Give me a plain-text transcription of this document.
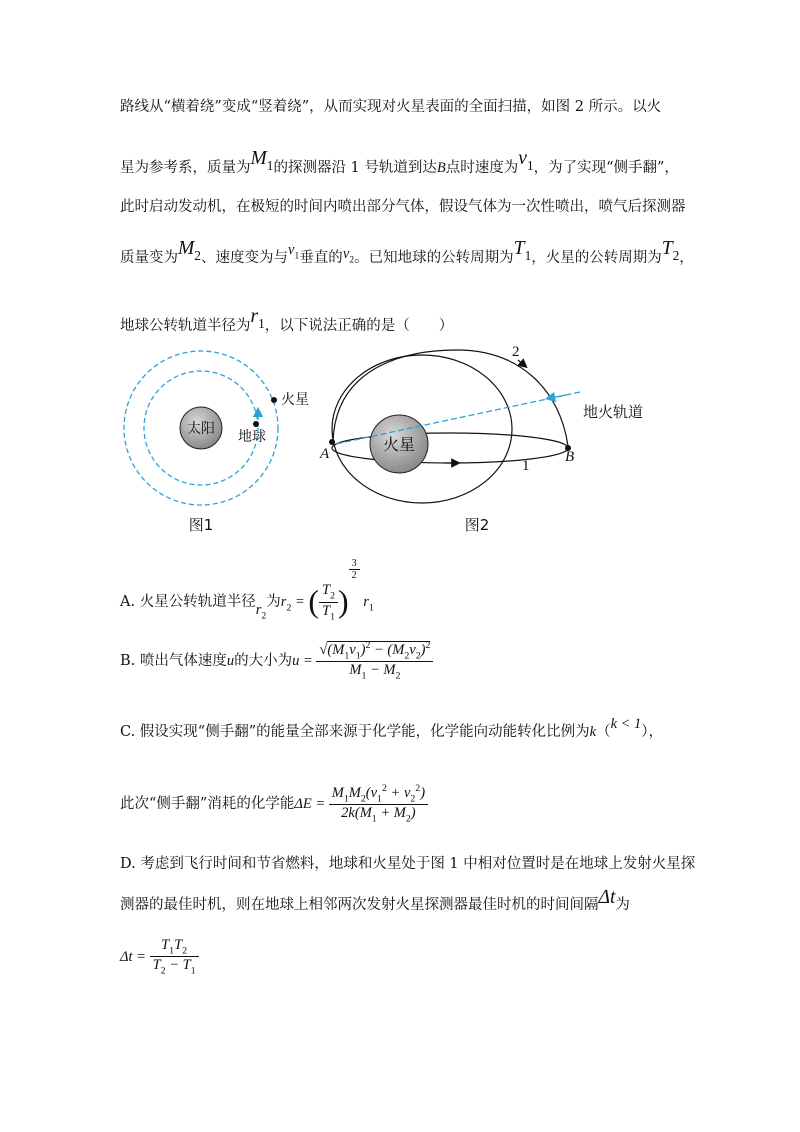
路线从“横着绕”变成“竖着绕”，从而实现对火星表面的全面扫描，如图 2 所示。以火
星为参考系，质量为$M_1$的探测器沿 1 号轨道到达B点时速度为$v_1$，为了实现“侧手翻”，
此时启动发动机，在极短的时间内喷出部分气体，假设气体为一次性喷出，喷气后探测器
质量变为$M_2$、速度变为与$v_1$垂直的$v_2$。已知地球的公转周期为$T_1$，火星的公转周期为$T_2$，
地球公转轨道半径为$r_1$，以下说法正确的是（　　）
太阳 地球
火星
图1
火星
地火轨道
A	B
2
1
图2
A. 火星公转轨道半径$r_2$为$r_2$ = ( $\frac{T_2}{T_1}$ )
$\frac{3}{2}$
$r_1$
B. 喷出气体速度u的大小为$u = \frac{√(M_1v_1)^2 - (M_2v_2)^2}{M_1 - M_2}$
C. 假设实现“侧手翻”的能量全部来源于化学能，化学能向动能转化比例为k（k < 1），
此次“侧手翻”消耗的化学能$\Delta E = \frac{M_1M_2(v_1^2 + v_2^2)}{2k(M_1 + M_2)}$
D. 考虑到飞行时间和节省燃料，地球和火星处于图 1 中相对位置时是在地球上发射火星探
测器的最佳时机，则在地球上相邻两次发射火星探测器最佳时机的时间间隔Δt为
$\Delta t = \frac{T_1T_2}{T_2 - T_1}$
